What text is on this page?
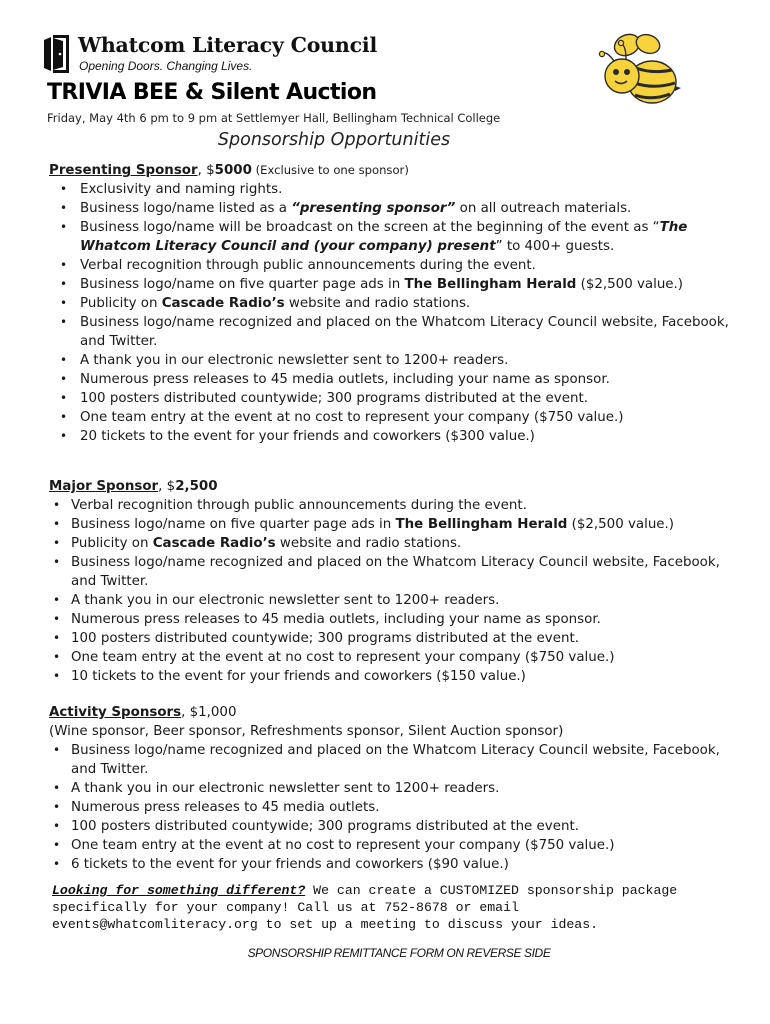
Whatcom Literacy Council
Opening Doors. Changing Lives.
TRIVIA BEE & Silent Auction
Friday, May 4th 6 pm to 9 pm at Settlemyer Hall, Bellingham Technical College
Sponsorship Opportunities
Presenting Sponsor, $5000 (Exclusive to one sponsor)
• Exclusivity and naming rights.
• Business logo/name listed as a “presenting sponsor” on all outreach materials.
• Business logo/name will be broadcast on the screen at the beginning of the event as “The Whatcom Literacy Council and (your company) present” to 400+ guests.
• Verbal recognition through public announcements during the event.
• Business logo/name on five quarter page ads in The Bellingham Herald ($2,500 value.)
• Publicity on Cascade Radio’s website and radio stations.
• Business logo/name recognized and placed on the Whatcom Literacy Council website, Facebook, and Twitter.
• A thank you in our electronic newsletter sent to 1200+ readers.
• Numerous press releases to 45 media outlets, including your name as sponsor.
• 100 posters distributed countywide; 300 programs distributed at the event.
• One team entry at the event at no cost to represent your company ($750 value.)
• 20 tickets to the event for your friends and coworkers ($300 value.)
Major Sponsor, $2,500
• Verbal recognition through public announcements during the event.
• Business logo/name on five quarter page ads in The Bellingham Herald ($2,500 value.)
• Publicity on Cascade Radio’s website and radio stations.
• Business logo/name recognized and placed on the Whatcom Literacy Council website, Facebook, and Twitter.
• A thank you in our electronic newsletter sent to 1200+ readers.
• Numerous press releases to 45 media outlets, including your name as sponsor.
• 100 posters distributed countywide; 300 programs distributed at the event.
• One team entry at the event at no cost to represent your company ($750 value.)
• 10 tickets to the event for your friends and coworkers ($150 value.)
Activity Sponsors, $1,000
(Wine sponsor, Beer sponsor, Refreshments sponsor, Silent Auction sponsor)
• Business logo/name recognized and placed on the Whatcom Literacy Council website, Facebook, and Twitter.
• A thank you in our electronic newsletter sent to 1200+ readers.
• Numerous press releases to 45 media outlets.
• 100 posters distributed countywide; 300 programs distributed at the event.
• One team entry at the event at no cost to represent your company ($750 value.)
• 6 tickets to the event for your friends and coworkers ($90 value.)
Looking for something different? We can create a CUSTOMIZED sponsorship package specifically for your company! Call us at 752-8678 or email events@whatcomliteracy.org to set up a meeting to discuss your ideas.
SPONSORSHIP REMITTANCE FORM ON REVERSE SIDE
